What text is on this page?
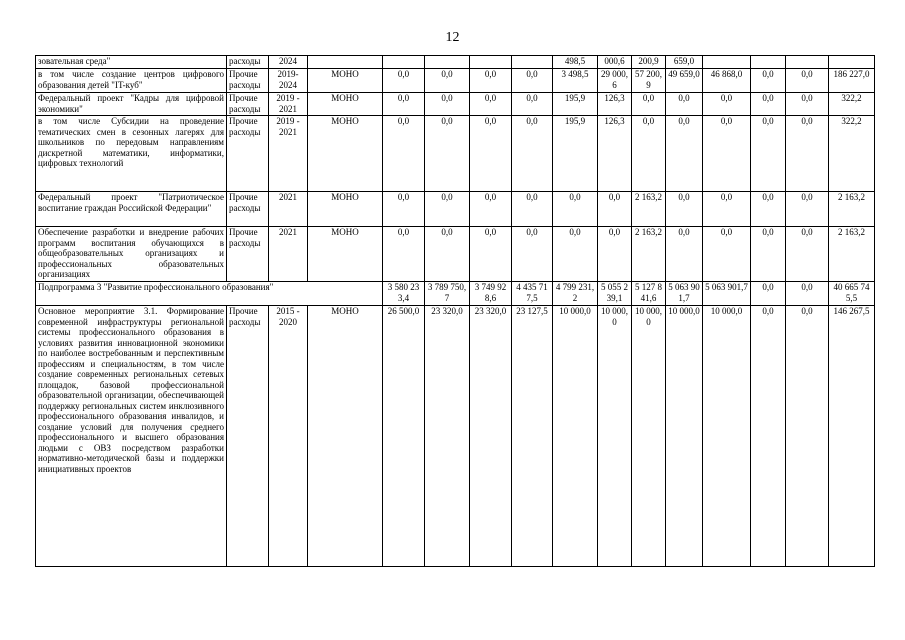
12
зовательная среда"	расходы	2024						498,5	000,6	200,9	659,0				
в том числе создание центров цифрового образования детей "IT-куб"	Прочие расходы	2019-2024	МОНО	0,0	0,0	0,0	0,0	3 498,5	29 000,6	57 200,9	49 659,0	46 868,0	0,0	0,0	186 227,0
Федеральный проект "Кадры для цифровой экономики"	Прочие расходы	2019 - 2021	МОНО	0,0	0,0	0,0	0,0	195,9	126,3	0,0	0,0	0,0	0,0	0,0	322,2
в том числе Субсидии на проведение тематических смен в сезонных лагерях для школьников по передовым направлениям дискретной математики, информатики, цифровых технологий	Прочие расходы	2019 - 2021	МОНО	0,0	0,0	0,0	0,0	195,9	126,3	0,0	0,0	0,0	0,0	0,0	322,2
Федеральный проект "Патриотическое воспитание граждан Российской Федерации"	Прочие расходы	2021	МОНО	0,0	0,0	0,0	0,0	0,0	0,0	2 163,2	0,0	0,0	0,0	0,0	2 163,2
Обеспечение разработки и внедрение рабочих программ воспитания обучающихся в общеобразовательных организациях и профессиональных образовательных организациях	Прочие расходы	2021	МОНО	0,0	0,0	0,0	0,0	0,0	0,0	2 163,2	0,0	0,0	0,0	0,0	2 163,2
Подпрограмма 3 "Развитие профессионального образования"				3 580 233,4	3 789 750,7	3 749 928,6	4 435 717,5	4 799 231,2	5 055 239,1	5 127 841,6	5 063 901,7	5 063 901,7	0,0	0,0	40 665 745,5
Основное мероприятие 3.1. Формирование современной инфраструктуры региональной системы профессионального образования в условиях развития инновационной экономики по наиболее востребованным и перспективным профессиям и специальностям, в том числе создание современных региональных сетевых площадок, базовой профессиональной образовательной организации, обеспечивающей поддержку региональных систем инклюзивного профессионального образования инвалидов, и создание условий для получения среднего профессионального и высшего образования людьми с ОВЗ посредством разработки нормативно-методической базы и поддержки инициативных проектов	Прочие расходы	2015 - 2020	МОНО	26 500,0	23 320,0	23 320,0	23 127,5	10 000,0	10 000,0	10 000,0	10 000,0	10 000,0	0,0	0,0	146 267,5
